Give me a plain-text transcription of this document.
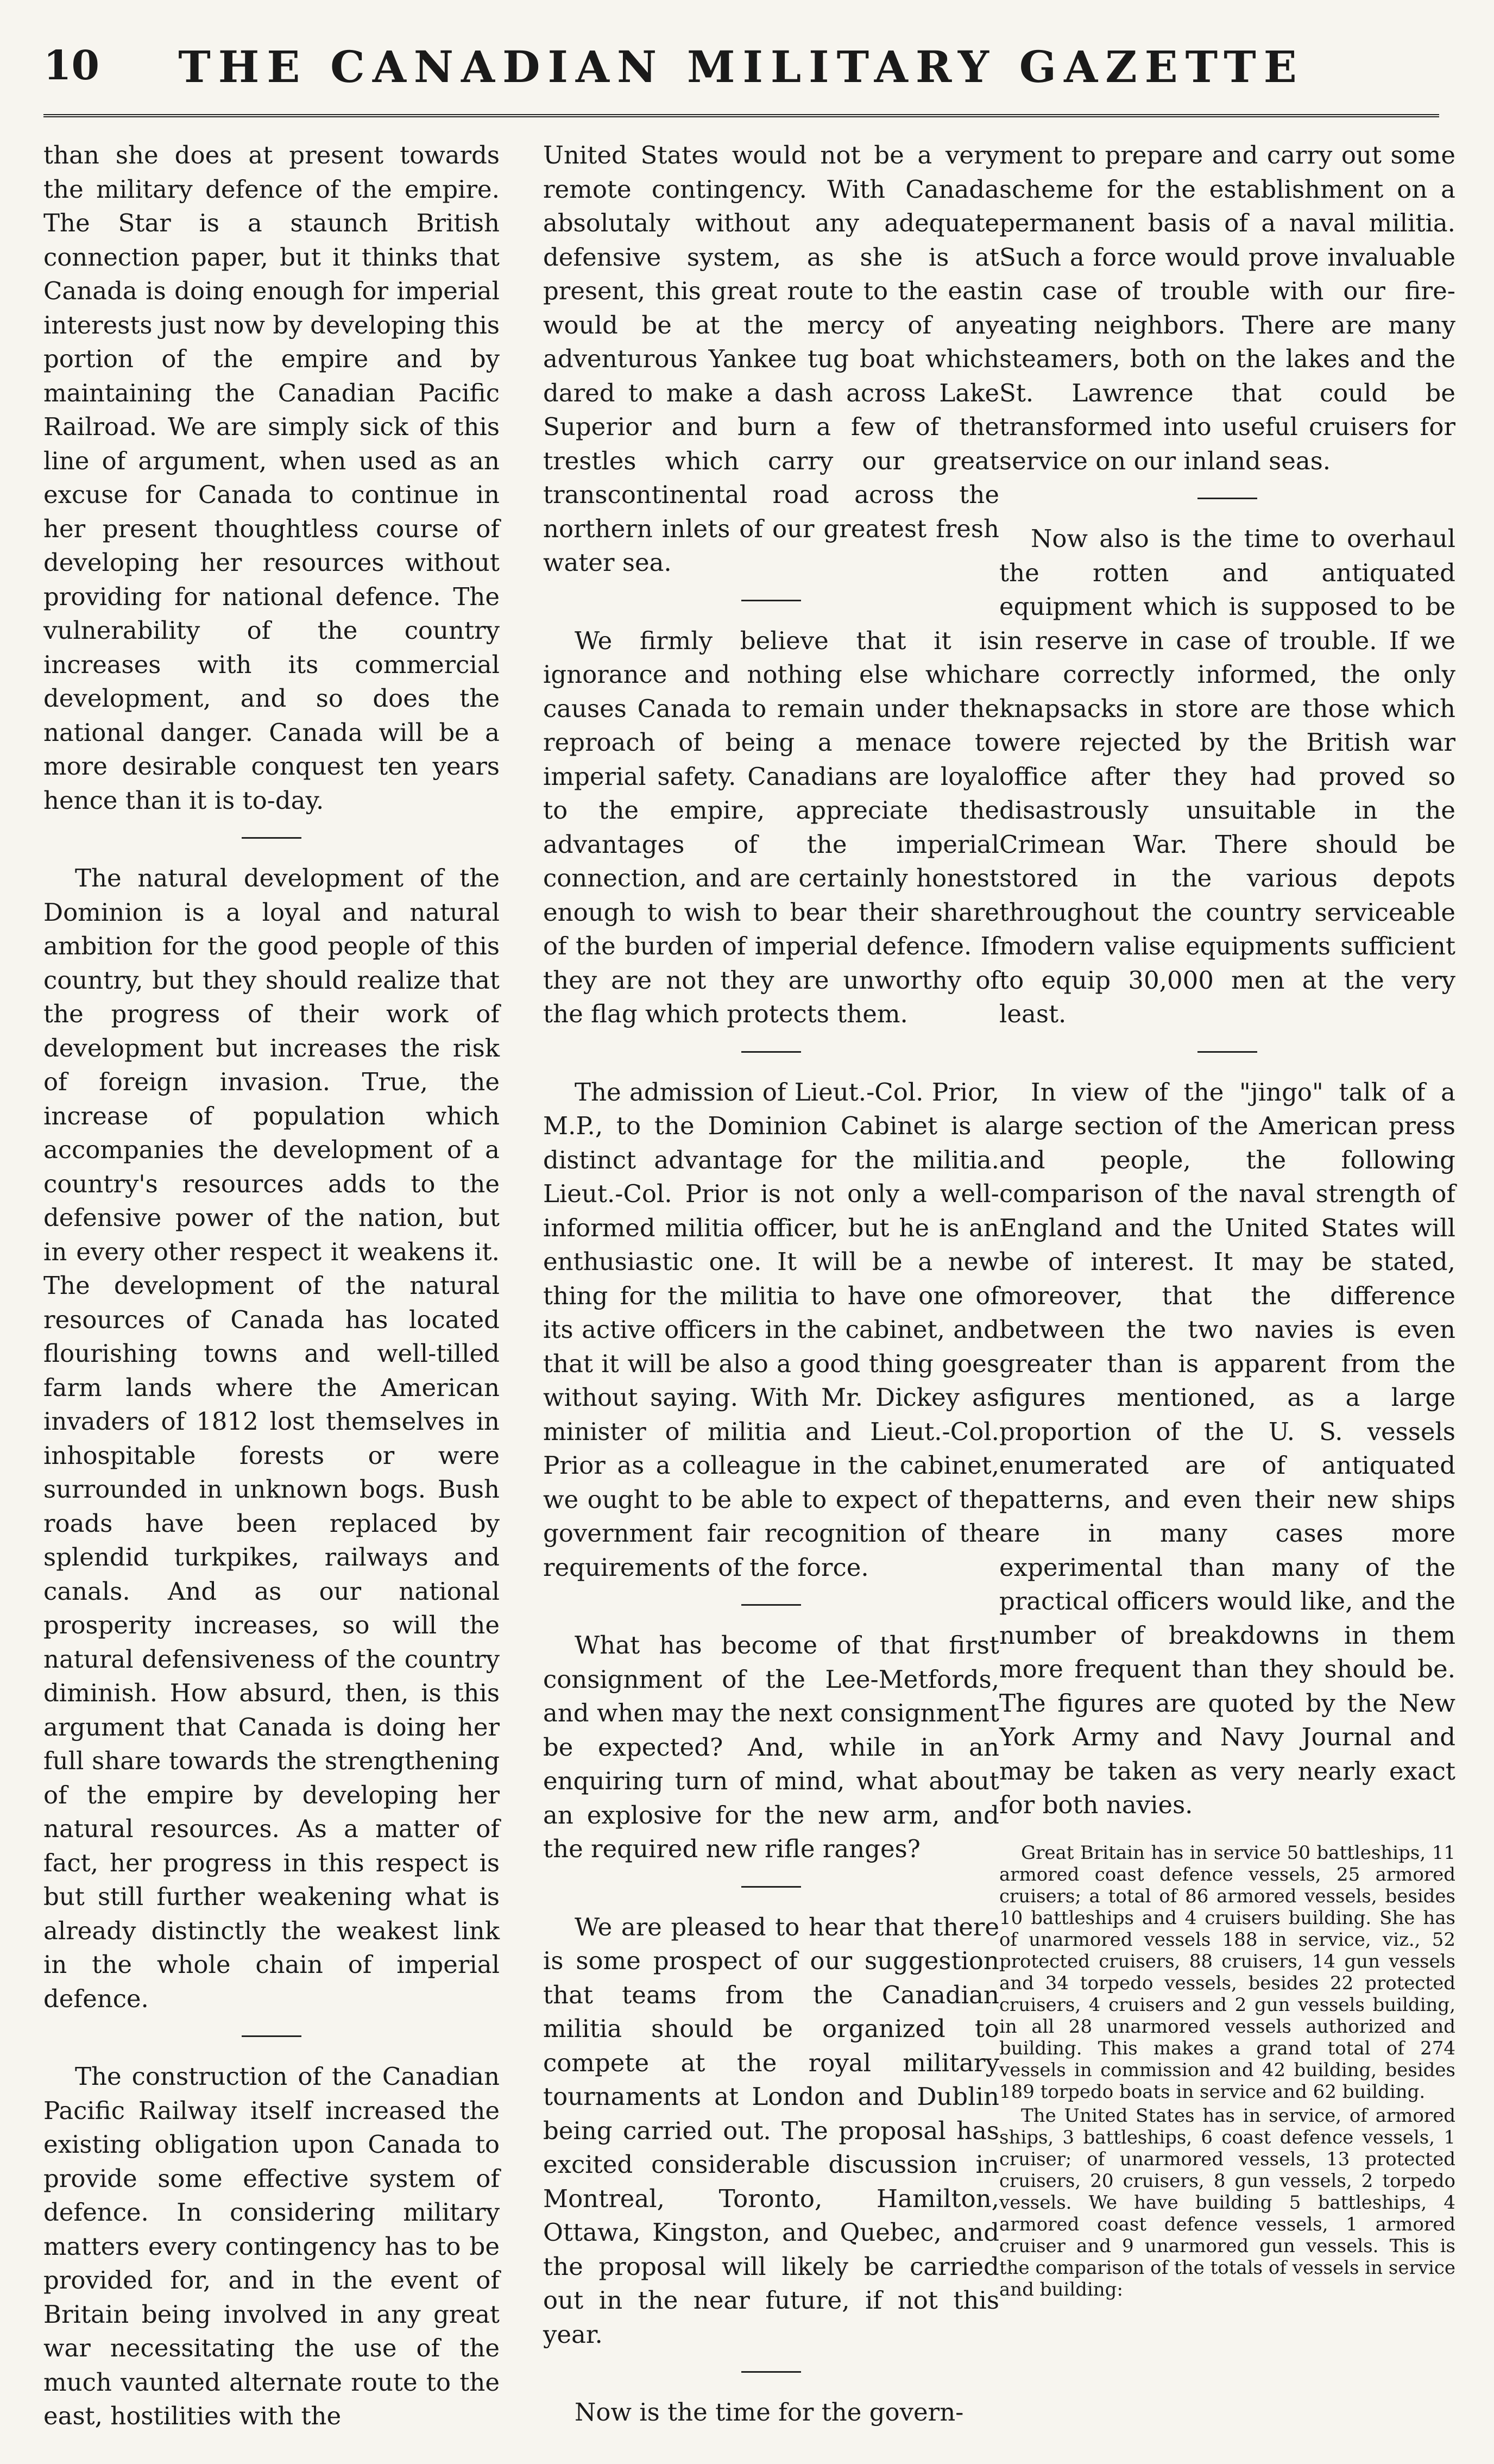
10	THE CANADIAN MILITARY GAZETTE

than she does at present towards the military defence of the empire. The Star is a staunch British connection paper, but it thinks that Canada is doing enough for imperial interests just now by developing this portion of the empire and by maintaining the Canadian Pacific Railroad. We are simply sick of this line of argument, when used as an excuse for Canada to continue in her present thoughtless course of developing her resources without providing for national defence. The vulnerability of the country increases with its commercial development, and so does the national danger. Canada will be a more desirable conquest ten years hence than it is to-day.

The natural development of the Dominion is a loyal and natural ambition for the good people of this country, but they should realize that the progress of their work of development but increases the risk of foreign invasion. True, the increase of population which accompanies the development of a country's resources adds to the defensive power of the nation, but in every other respect it weakens it. The development of the natural resources of Canada has located flourishing towns and well-tilled farm lands where the American invaders of 1812 lost themselves in inhospitable forests or were surrounded in unknown bogs. Bush roads have been replaced by splendid turkpikes, railways and canals. And as our national prosperity increases, so will the natural defensiveness of the country diminish. How absurd, then, is this argument that Canada is doing her full share towards the strengthening of the empire by developing her natural resources. As a matter of fact, her progress in this respect is but still further weakening what is already distinctly the weakest link in the whole chain of imperial defence.

The construction of the Canadian Pacific Railway itself increased the existing obligation upon Canada to provide some effective system of defence. In considering military matters every contingency has to be provided for, and in the event of Britain being involved in any great war necessitating the use of the much vaunted alternate route to the east, hostilities with the

United States would not be a very remote contingency. With Canada absolutaly without any adequate defensive system, as she is at present, this great route to the east would be at the mercy of any adventurous Yankee tug boat which dared to make a dash across Lake Superior and burn a few of the trestles which carry our great transcontinental road across the northern inlets of our greatest fresh water sea.

We firmly believe that it is ignorance and nothing else which causes Canada to remain under the reproach of being a menace to imperial safety. Canadians are loyal to the empire, appreciate the advantages of the imperial connection, and are certainly honest enough to wish to bear their share of the burden of imperial defence. If they are not they are unworthy of the flag which protects them.

The admission of Lieut.-Col. Prior, M.P., to the Dominion Cabinet is a distinct advantage for the militia. Lieut.-Col. Prior is not only a well-informed militia officer, but he is an enthusiastic one. It will be a new thing for the militia to have one of its active officers in the cabinet, and that it will be also a good thing goes without saying. With Mr. Dickey as minister of militia and Lieut.-Col. Prior as a colleague in the cabinet, we ought to be able to expect of the government fair recognition of the requirements of the force.

What has become of that first consignment of the Lee-Metfords, and when may the next consignment be expected? And, while in an enquiring turn of mind, what about an explosive for the new arm, and the required new rifle ranges?

We are pleased to hear that there is some prospect of our suggestion that teams from the Canadian militia should be organized to compete at the royal military tournaments at London and Dublin being carried out. The proposal has excited considerable discussion in Montreal, Toronto, Hamilton, Ottawa, Kingston, and Quebec, and the proposal will likely be carried out in the near future, if not this year.

Now is the time for the govern-

ment to prepare and carry out some scheme for the establishment on a permanent basis of a naval militia. Such a force would prove invaluable in case of trouble with our fire-eating neighbors. There are many steamers, both on the lakes and the St. Lawrence that could be transformed into useful cruisers for service on our inland seas.

Now also is the time to overhaul the rotten and antiquated equipment which is supposed to be in reserve in case of trouble. If we are correctly informed, the only knapsacks in store are those which were rejected by the British war office after they had proved so disastrously unsuitable in the Crimean War. There should be stored in the various depots throughout the country serviceable modern valise equipments sufficient to equip 30,000 men at the very least.

In view of the "jingo" talk of a large section of the American press and people, the following comparison of the naval strength of England and the United States will be of interest. It may be stated, moreover, that the difference between the two navies is even greater than is apparent from the figures mentioned, as a large proportion of the U. S. vessels enumerated are of antiquated patterns, and even their new ships are in many cases more experimental than many of the practical officers would like, and the number of breakdowns in them more frequent than they should be. The figures are quoted by the New York Army and Navy Journal and may be taken as very nearly exact for both navies.

Great Britain has in service 50 battleships, 11 armored coast defence vessels, 25 armored cruisers; a total of 86 armored vessels, besides 10 battleships and 4 cruisers building. She has of unarmored vessels 188 in service, viz., 52 protected cruisers, 88 cruisers, 14 gun vessels and 34 torpedo vessels, besides 22 protected cruisers, 4 cruisers and 2 gun vessels building, in all 28 unarmored vessels authorized and building. This makes a grand total of 274 vessels in commission and 42 building, besides 189 torpedo boats in service and 62 building.

The United States has in service, of armored ships, 3 battleships, 6 coast defence vessels, 1 cruiser; of unarmored vessels, 13 protected cruisers, 20 cruisers, 8 gun vessels, 2 torpedo vessels. We have building 5 battleships, 4 armored coast defence vessels, 1 armored cruiser and 9 unarmored gun vessels. This is the comparison of the totals of vessels in service and building:
